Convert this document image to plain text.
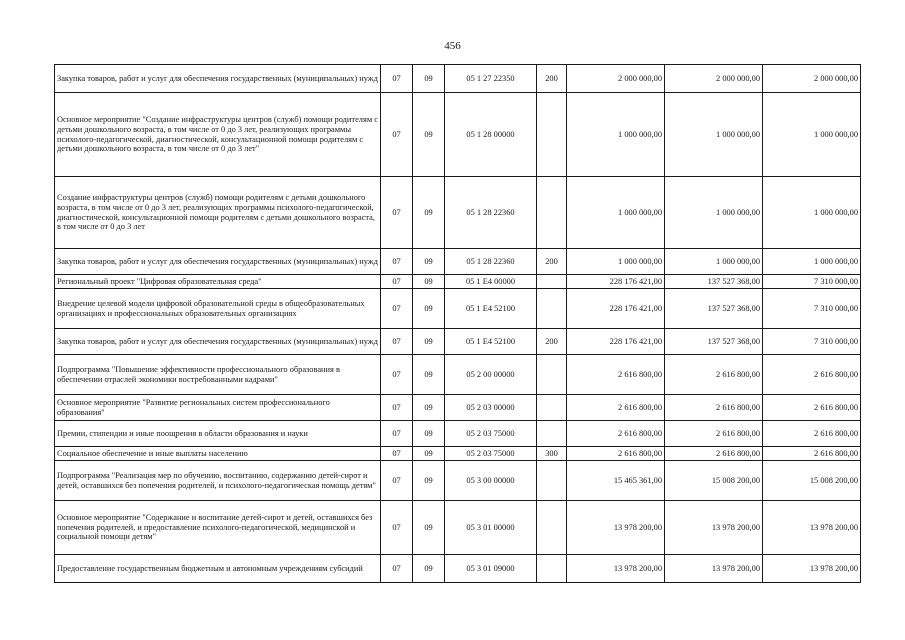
456
Закупка товаров, работ и услуг для обеспечения государственных (муниципальных) нужд	07	09	05 1 27 22350	200	2 000 000,00	2 000 000,00	2 000 000,00
Основное мероприятие "Создание инфраструктуры центров (служб) помощи родителям с детьми дошкольного возраста, в том числе от 0 до 3 лет, реализующих программы психолого-педагогической, диагностической, консультационной помощи родителям с детьми дошкольного возраста, в том числе от 0 до 3 лет"	07	09	05 1 28 00000		1 000 000,00	1 000 000,00	1 000 000,00
Создание инфраструктуры центров (служб) помощи родителям с детьми дошкольного возраста, в том числе от 0 до 3 лет, реализующих программы психолого-педагогической, диагностической, консультационной помощи родителям с детьми дошкольного возраста, в том числе от 0 до 3 лет	07	09	05 1 28 22360		1 000 000,00	1 000 000,00	1 000 000,00
Закупка товаров, работ и услуг для обеспечения государственных (муниципальных) нужд	07	09	05 1 28 22360	200	1 000 000,00	1 000 000,00	1 000 000,00
Региональный проект "Цифровая образовательная среда"	07	09	05 1 E4 00000		228 176 421,00	137 527 368,00	7 310 000,00
Внедрение целевой модели цифровой образовательной среды в общеобразовательных организациях и профессиональных образовательных организациях	07	09	05 1 E4 52100		228 176 421,00	137 527 368,00	7 310 000,00
Закупка товаров, работ и услуг для обеспечения государственных (муниципальных) нужд	07	09	05 1 E4 52100	200	228 176 421,00	137 527 368,00	7 310 000,00
Подпрограмма "Повышение эффективности профессионального образования в обеспечении отраслей экономики востребованными кадрами"	07	09	05 2 00 00000		2 616 800,00	2 616 800,00	2 616 800,00
Основное мероприятие "Развитие региональных систем профессионального образования"	07	09	05 2 03 00000		2 616 800,00	2 616 800,00	2 616 800,00
Премии, стипендии и иные поощрения в области образования и науки	07	09	05 2 03 75000		2 616 800,00	2 616 800,00	2 616 800,00
Социальное обеспечение и иные выплаты населению	07	09	05 2 03 75000	300	2 616 800,00	2 616 800,00	2 616 800,00
Подпрограмма "Реализация мер по обучению, воспитанию, содержанию детей-сирот и детей, оставшихся без попечения родителей, и психолого-педагогическая помощь детям"	07	09	05 3 00 00000		15 465 361,00	15 008 200,00	15 008 200,00
Основное мероприятие "Содержание и воспитание детей-сирот и детей, оставшихся без попечения родителей, и предоставление психолого-педагогической, медицинской и социальной помощи детям"	07	09	05 3 01 00000		13 978 200,00	13 978 200,00	13 978 200,00
Предоставление государственным бюджетным и автономным учреждениям субсидий	07	09	05 3 01 09000		13 978 200,00	13 978 200,00	13 978 200,00
